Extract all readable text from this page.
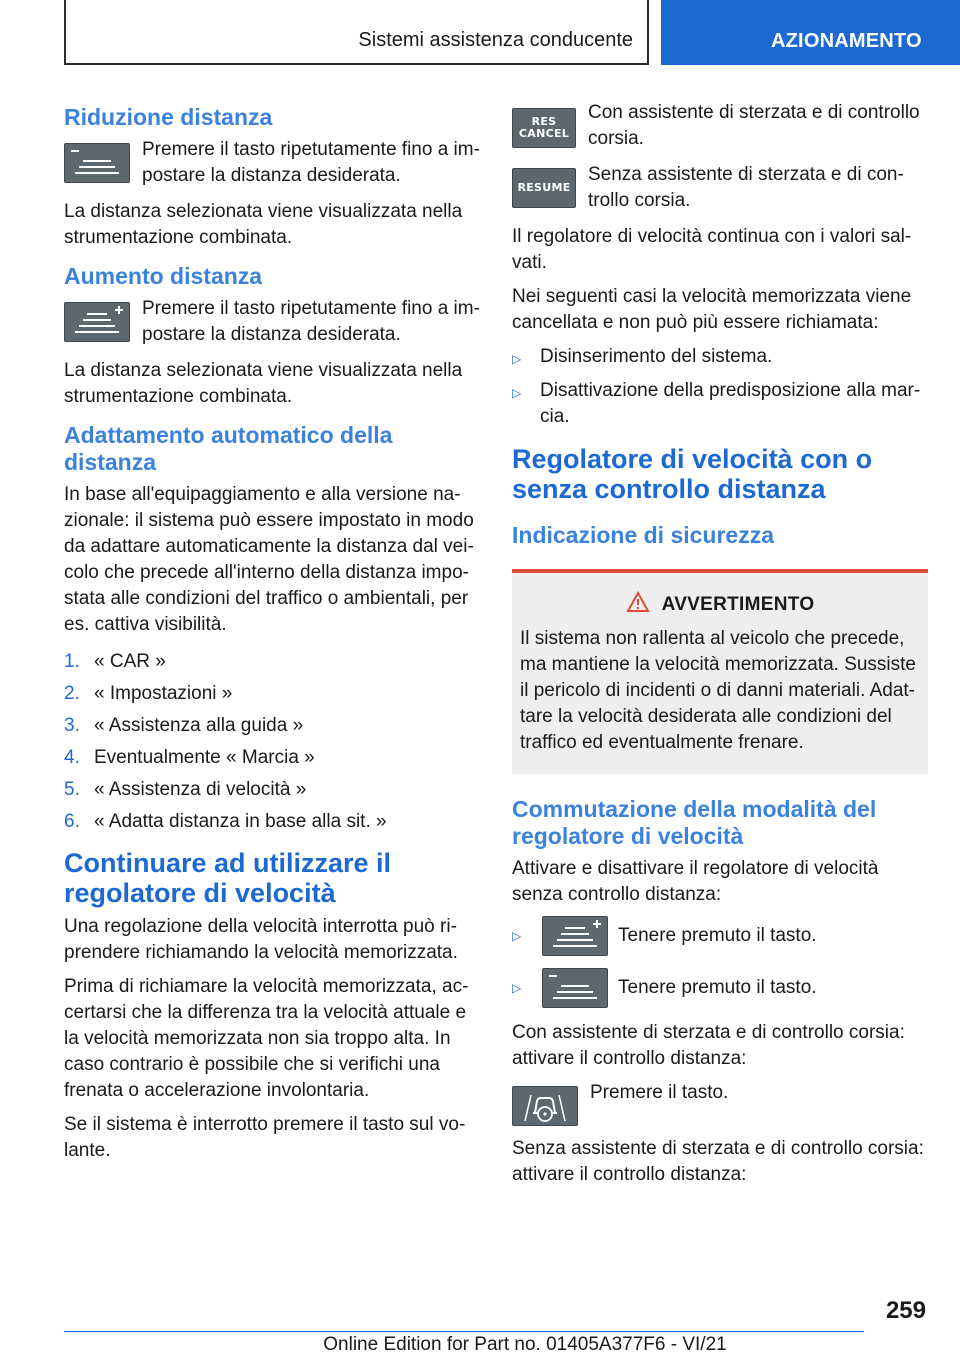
Sistemi assistenza conducente	AZIONAMENTO
Riduzione distanza
Premere il tasto ripetutamente fino a impostare la distanza desiderata.

La distanza selezionata viene visualizzata nella strumentazione combinata.

Aumento distanza
Premere il tasto ripetutamente fino a impostare la distanza desiderata.

La distanza selezionata viene visualizzata nella strumentazione combinata.

Adattamento automatico della distanza

In base all'equipaggiamento e alla versione nazionale: il sistema può essere impostato in modo da adattare automaticamente la distanza dal veicolo che precede all'interno della distanza impostata alle condizioni del traffico o ambientali, per es. cattiva visibilità.

1. « CAR »
2. « Impostazioni »
3. « Assistenza alla guida »
4. Eventualmente « Marcia »
5. « Assistenza di velocità »
6. « Adatta distanza in base alla sit. »
Continuare ad utilizzare il regolatore di velocità

Una regolazione della velocità interrotta può riprendere richiamando la velocità memorizzata.

Prima di richiamare la velocità memorizzata, accertarsi che la differenza tra la velocità attuale e la velocità memorizzata non sia troppo alta. In caso contrario è possibile che si verifichi una frenata o accelerazione involontaria.

Se il sistema è interrotto premere il tasto sul volante.

RES
CANCEL
Con assistente di sterzata e di controllo corsia.
RESUME
Senza assistente di sterzata e di controllo corsia.

Il regolatore di velocità continua con i valori salvati.

Nei seguenti casi la velocità memorizzata viene cancellata e non può più essere richiamata:

▷ Disinserimento del sistema.
▷ Disattivazione della predisposizione alla marcia.
Regolatore di velocità con o senza controllo distanza
Indicazione di sicurezza
AVVERTIMENTO

Il sistema non rallenta al veicolo che precede, ma mantiene la velocità memorizzata. Sussiste il pericolo di incidenti o di danni materiali. Adattare la velocità desiderata alle condizioni del traffico ed eventualmente frenare.

Commutazione della modalità del regolatore di velocità

Attivare e disattivare il regolatore di velocità senza controllo distanza:

▷	Tenere premuto il tasto.
▷	Tenere premuto il tasto.

Con assistente di sterzata e di controllo corsia: attivare il controllo distanza:

Premere il tasto.

Senza assistente di sterzata e di controllo corsia: attivare il controllo distanza:

259
Online Edition for Part no. 01405A377F6 - VI/21
